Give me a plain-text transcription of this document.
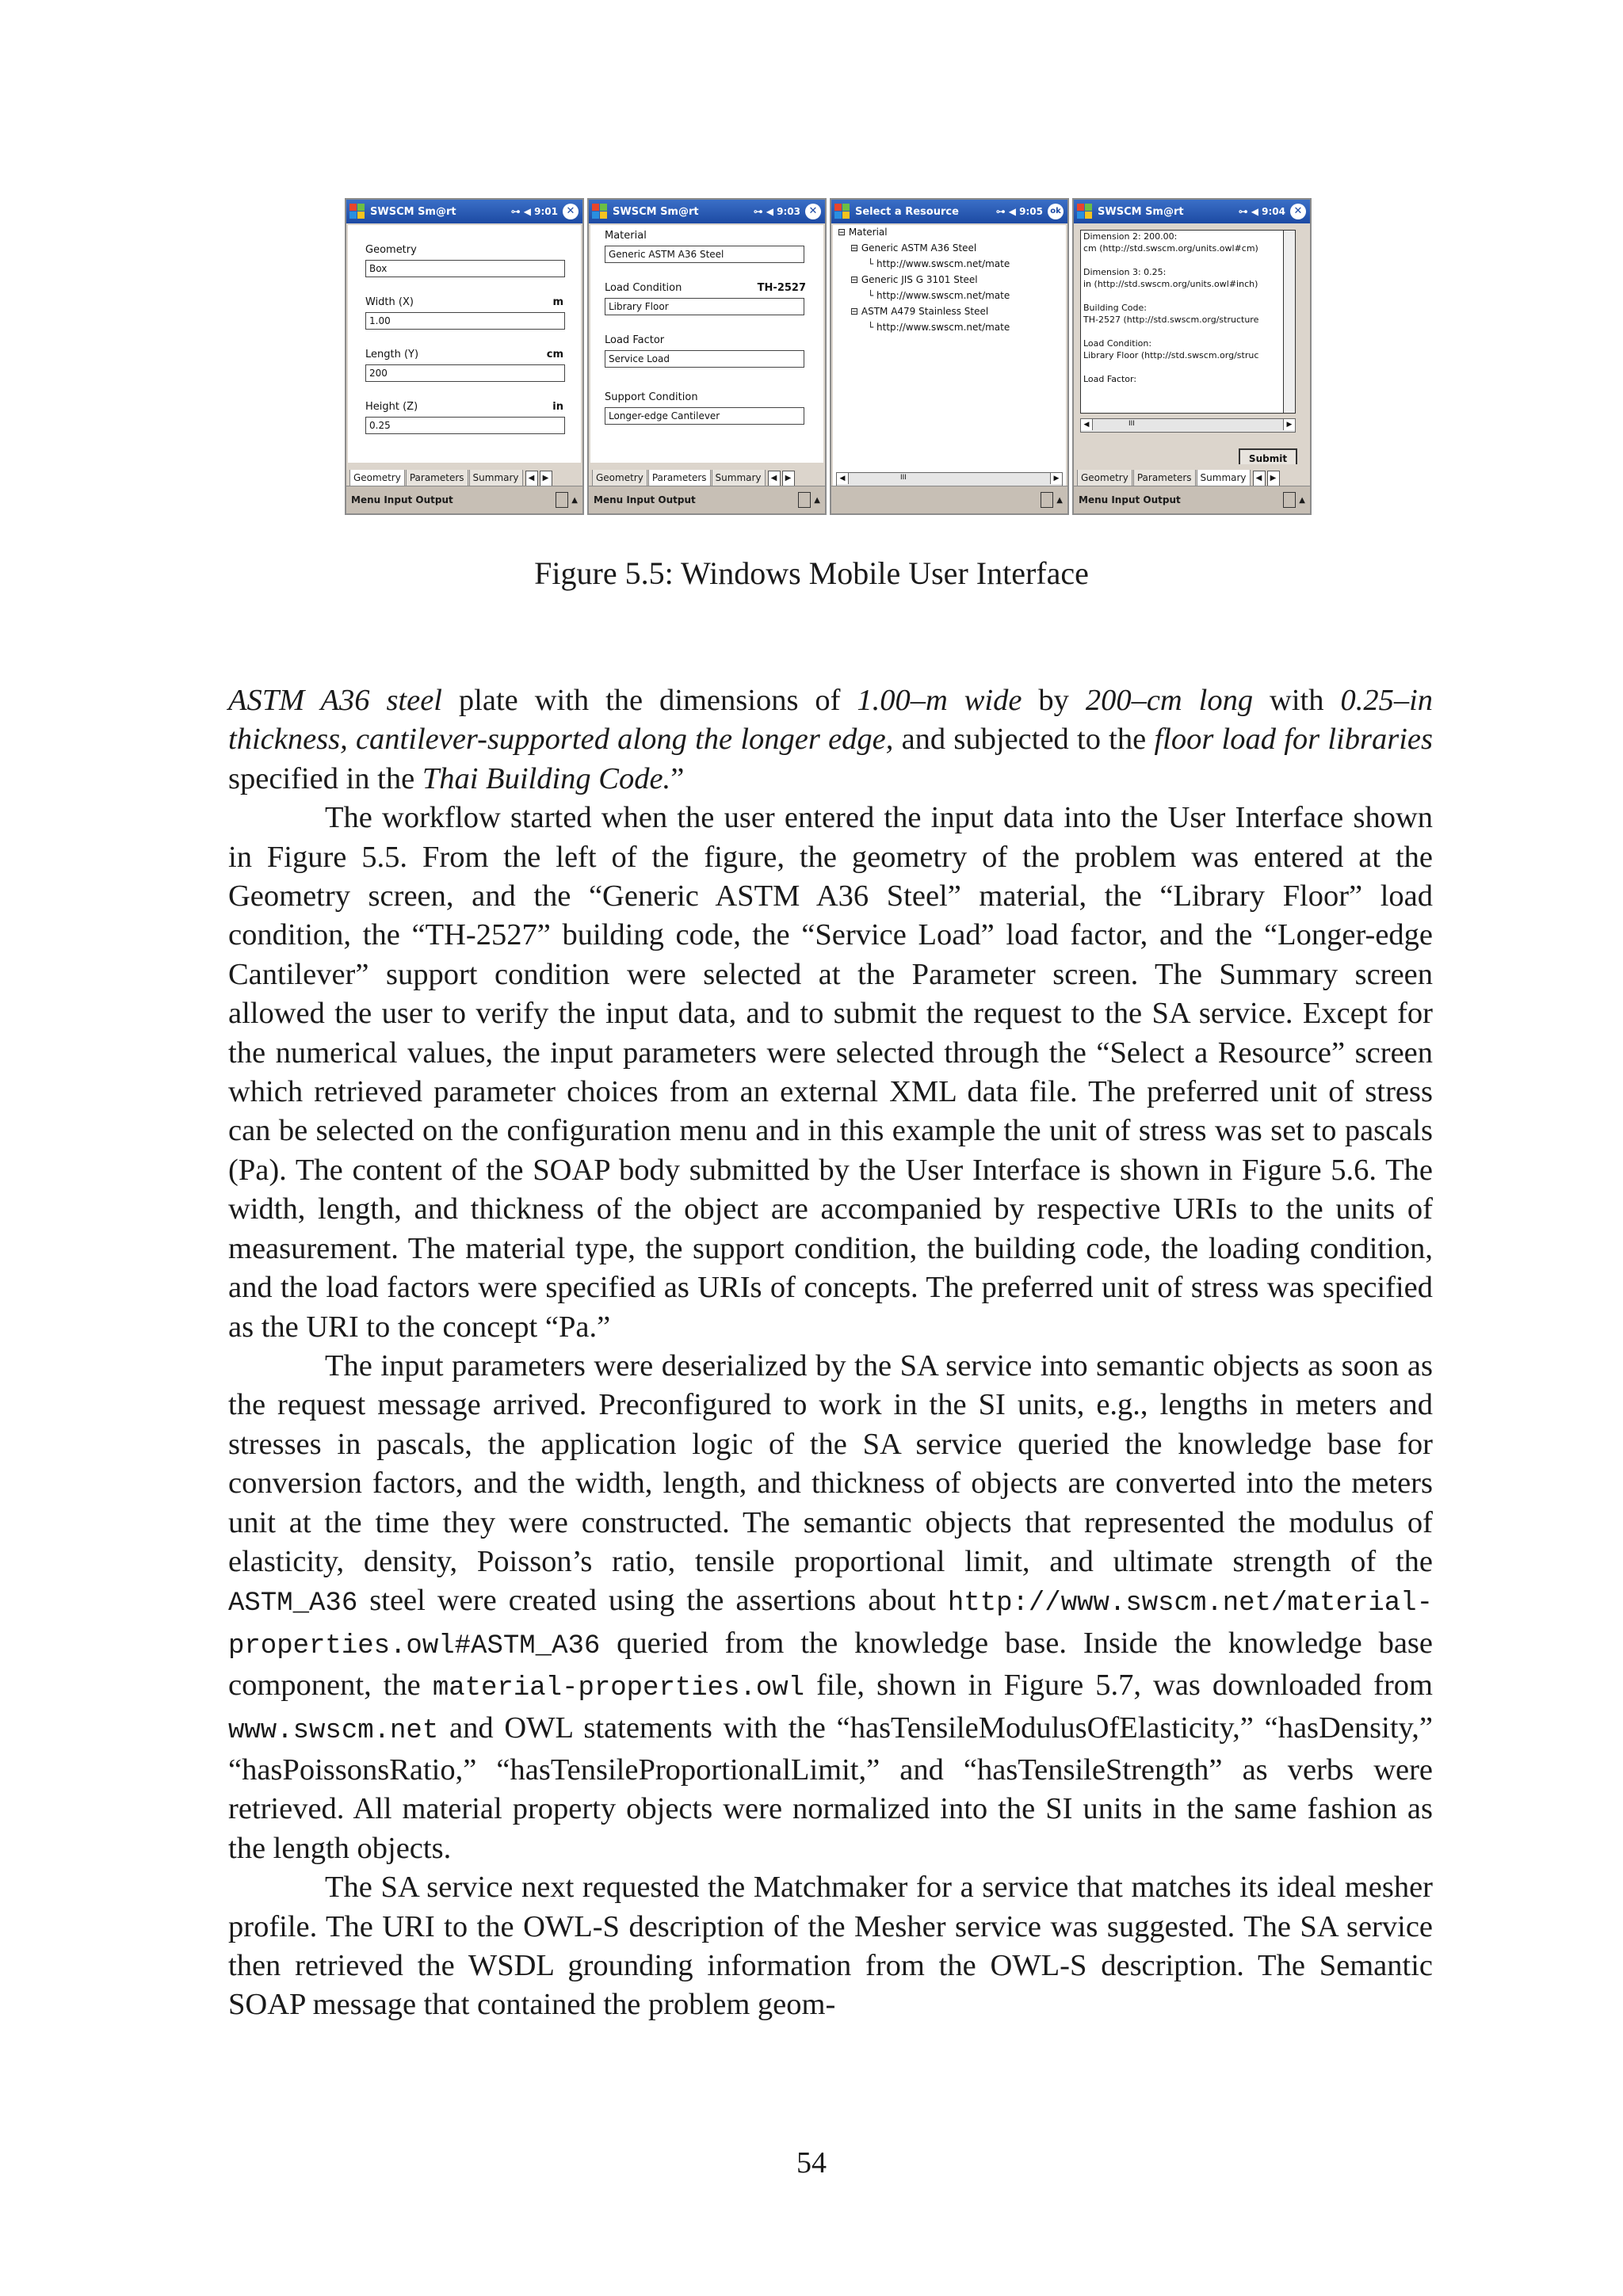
SWSCM Sm@rt	⊶ ◀ 9:01 ✕
Geometry
Box
Width (X)	m
1.00
Length (Y)	cm
200
Height (Z)	in
0.25
Geometry Parameters Summary	◀	▶
Menu Input Output	▲
SWSCM Sm@rt	⊶ ◀ 9:03 ✕
Material
Generic ASTM A36 Steel
Load Condition	TH-2527
Library Floor
Load Factor
Service Load
Support Condition
Longer-edge Cantilever
Geometry Parameters Summary	◀	▶
Menu Input Output	▲
Select a Resource	⊶ ◀ 9:05 ok
⊟ Material
⊟ Generic ASTM A36 Steel
└ http://www.swscm.net/mate
⊟ Generic JIS G 3101 Steel
└ http://www.swscm.net/mate
⊟ ASTM A479 Stainless Steel
└ http://www.swscm.net/mate
◀	III	▶
▲
SWSCM Sm@rt	⊶ ◀ 9:04 ✕
Dimension 2: 200.00:
cm (http://std.swscm.org/units.owl#cm)

Dimension 3: 0.25:
in (http://std.swscm.org/units.owl#inch)

Building Code:
TH-2527 (http://std.swscm.org/structure

Load Condition:
Library Floor (http://std.swscm.org/struc

Load Factor:
◀	III	▶
Submit
Geometry Parameters Summary	◀	▶
Menu Input Output	▲
Figure 5.5: Windows Mobile User Interface

ASTM A36 steel plate with the dimensions of 1.00–m wide by 200–cm long with 0.25–in thickness, cantilever-supported along the longer edge, and subjected to the floor load for libraries specified in the Thai Building Code.”

The workflow started when the user entered the input data into the User Interface shown in Figure 5.5. From the left of the figure, the geometry of the problem was entered at the Geometry screen, and the “Generic ASTM A36 Steel” material, the “Library Floor” load condition, the “TH-2527” building code, the “Service Load” load factor, and the “Longer-edge Cantilever” support condition were selected at the Parameter screen. The Summary screen allowed the user to verify the input data, and to submit the request to the SA service. Except for the numerical values, the input parameters were selected through the “Select a Resource” screen which retrieved parameter choices from an external XML data file. The preferred unit of stress can be selected on the configuration menu and in this example the unit of stress was set to pascals (Pa). The content of the SOAP body submitted by the User Interface is shown in Figure 5.6. The width, length, and thickness of the object are accompanied by respective URIs to the units of measurement. The material type, the support condition, the building code, the loading condition, and the load factors were specified as URIs of concepts. The preferred unit of stress was specified as the URI to the concept “Pa.”

The input parameters were deserialized by the SA service into semantic objects as soon as the request message arrived. Preconfigured to work in the SI units, e.g., lengths in meters and stresses in pascals, the application logic of the SA service queried the knowledge base for conversion factors, and the width, length, and thickness of objects are converted into the meters unit at the time they were constructed. The semantic objects that represented the modulus of elasticity, density, Poisson’s ratio, tensile proportional limit, and ultimate strength of the ASTM_A36 steel were created using the assertions about http://www.swscm.net/material-properties.owl#ASTM_A36 queried from the knowledge base. Inside the knowledge base component, the material-properties.owl file, shown in Figure 5.7, was downloaded from www.swscm.net and OWL statements with the “hasTensileModulusOfElasticity,” “hasDensity,” “hasPoissonsRatio,” “hasTensileProportionalLimit,” and “hasTensileStrength” as verbs were retrieved. All material property objects were normalized into the SI units in the same fashion as the length objects.

The SA service next requested the Matchmaker for a service that matches its ideal mesher profile. The URI to the OWL-S description of the Mesher service was suggested. The SA service then retrieved the WSDL grounding information from the OWL-S description. The Semantic SOAP message that contained the problem geom-

54
